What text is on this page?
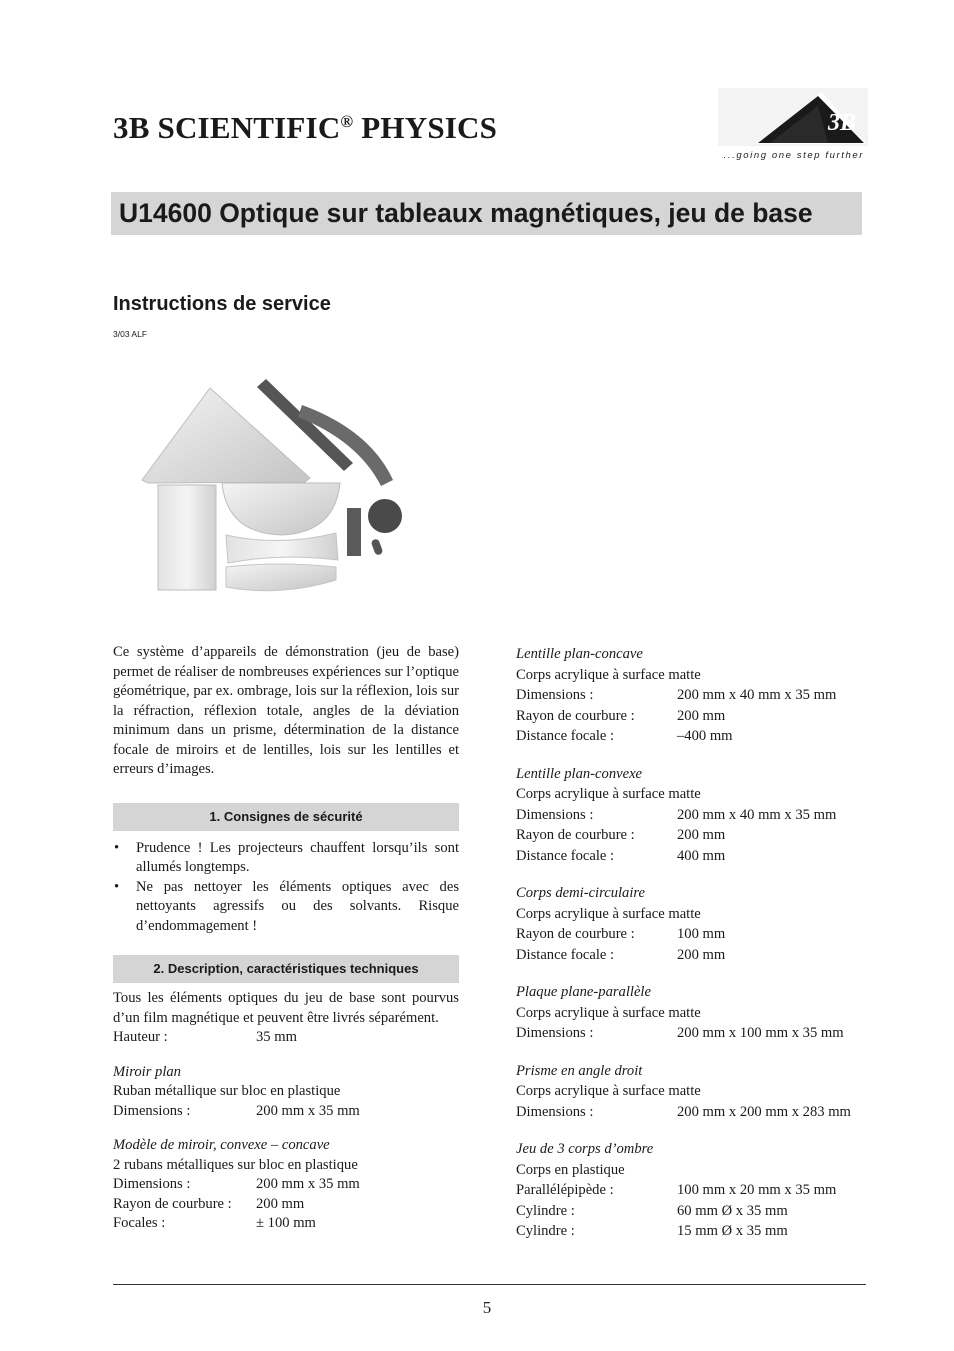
3B SCIENTIFIC® PHYSICS	3B
...going one step further
U14600 Optique sur tableaux magnétiques, jeu de base
Instructions de service
3/03 ALF

Ce système d’appareils de démonstration (jeu de base) permet de réaliser de nombreuses expériences sur l’optique géométrique, par ex. ombrage, lois sur la réflexion, lois sur la réfraction, réflexion totale, angles de la déviation minimum dans un prisme, détermination de la distance focale de miroirs et de lentilles, lois sur les lentilles et erreurs d’images.

1. Consignes de sécurité
• Prudence ! Les projecteurs chauffent lorsqu’ils sont allumés longtemps.
• Ne pas nettoyer les éléments optiques avec des nettoyants agressifs ou des solvants. Risque d’endommagement !
2. Description, caractéristiques techniques

Tous les éléments optiques du jeu de base sont pourvus d’un film magnétique et peuvent être livrés séparément.

Hauteur :	35 mm
Miroir plan
Ruban métallique sur bloc en plastique
Dimensions :	200 mm x 35 mm
Modèle de miroir, convexe – concave
2 rubans métalliques sur bloc en plastique
Dimensions :	200 mm x 35 mm
Rayon de courbure :	200 mm
Focales :	± 100 mm
Lentille plan-concave
Corps acrylique à surface matte
Dimensions :	200 mm x 40 mm x 35 mm
Rayon de courbure :	200 mm
Distance focale :	–400 mm
Lentille plan-convexe
Corps acrylique à surface matte
Dimensions :	200 mm x 40 mm x 35 mm
Rayon de courbure :	200 mm
Distance focale :	400 mm
Corps demi-circulaire
Corps acrylique à surface matte
Rayon de courbure :	100 mm
Distance focale :	200 mm
Plaque plane-parallèle
Corps acrylique à surface matte
Dimensions :	200 mm x 100 mm x 35 mm
Prisme en angle droit
Corps acrylique à surface matte
Dimensions :	200 mm x 200 mm x 283 mm
Jeu de 3 corps d’ombre
Corps en plastique
Parallélépipède :	100 mm x 20 mm x 35 mm
Cylindre :	60 mm Ø x 35 mm
Cylindre :	15 mm Ø x 35 mm
5
